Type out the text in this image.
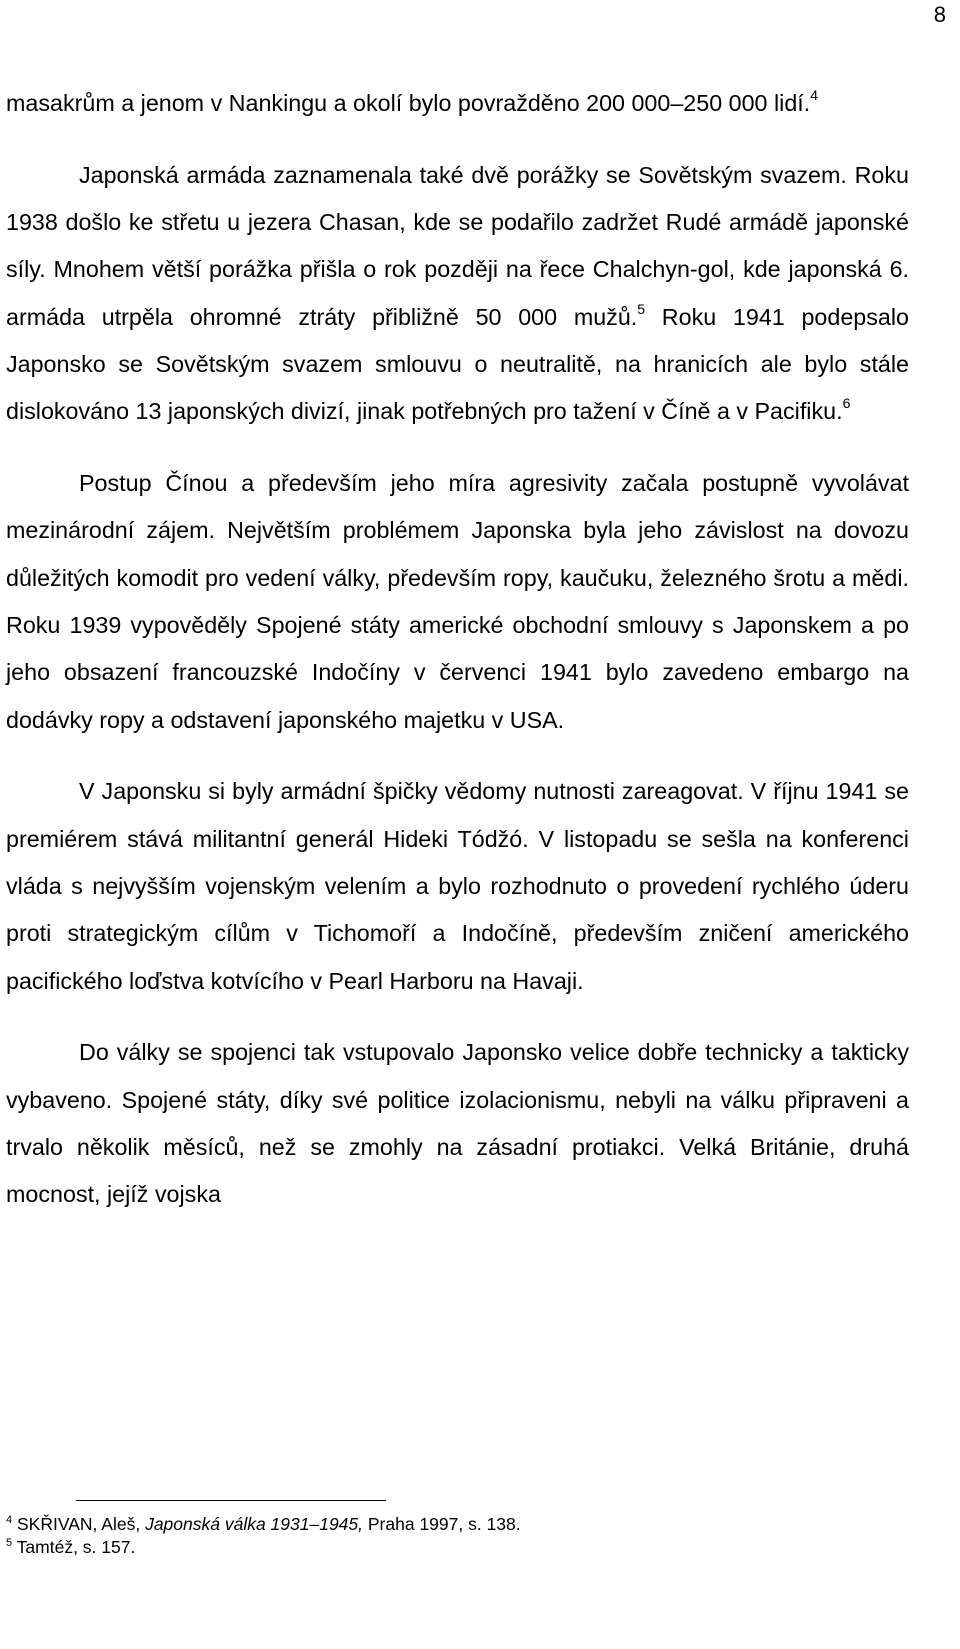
8

masakrům a jenom v Nankingu a okolí bylo povražděno 200 000–250 000 lidí.$^4$

Japonská armáda zaznamenala také dvě porážky se Sovětským svazem. Roku 1938 došlo ke střetu u jezera Chasan, kde se podařilo zadržet Rudé armádě japonské síly. Mnohem větší porážka přišla o rok později na řece Chalchyn-gol, kde japonská 6. armáda utrpěla ohromné ztráty přibližně 50 000 mužů.$^5$ Roku 1941 podepsalo Japonsko se Sovětským svazem smlouvu o neutralitě, na hranicích ale bylo stále dislokováno 13 japonských divizí, jinak potřebných pro tažení v Číně a v Pacifiku.$^6$

Postup Čínou a především jeho míra agresivity začala postupně vyvolávat mezinárodní zájem. Největším problémem Japonska byla jeho závislost na dovozu důležitých komodit pro vedení války, především ropy, kaučuku, železného šrotu a mědi. Roku 1939 vypověděly Spojené státy americké obchodní smlouvy s Japonskem a po jeho obsazení francouzské Indočíny v červenci 1941 bylo zavedeno embargo na dodávky ropy a odstavení japonského majetku v USA.

V Japonsku si byly armádní špičky vědomy nutnosti zareagovat. V říjnu 1941 se premiérem stává militantní generál Hideki Tódžó. V listopadu se sešla na konferenci vláda s nejvyšším vojenským velením a bylo rozhodnuto o provedení rychlého úderu proti strategickým cílům v Tichomoří a Indočíně, především zničení amerického pacifického loďstva kotvícího v Pearl Harboru na Havaji.

Do války se spojenci tak vstupovalo Japonsko velice dobře technicky a takticky vybaveno. Spojené státy, díky své politice izolacionismu, nebyli na válku připraveni a trvalo několik měsíců, než se zmohly na zásadní protiakci. Velká Británie, druhá mocnost, jejíž vojska

$^4$ SKŘIVAN, Aleš, Japonská válka 1931–1945, Praha 1997, s. 138.

$^5$ Tamtéž, s. 157.
